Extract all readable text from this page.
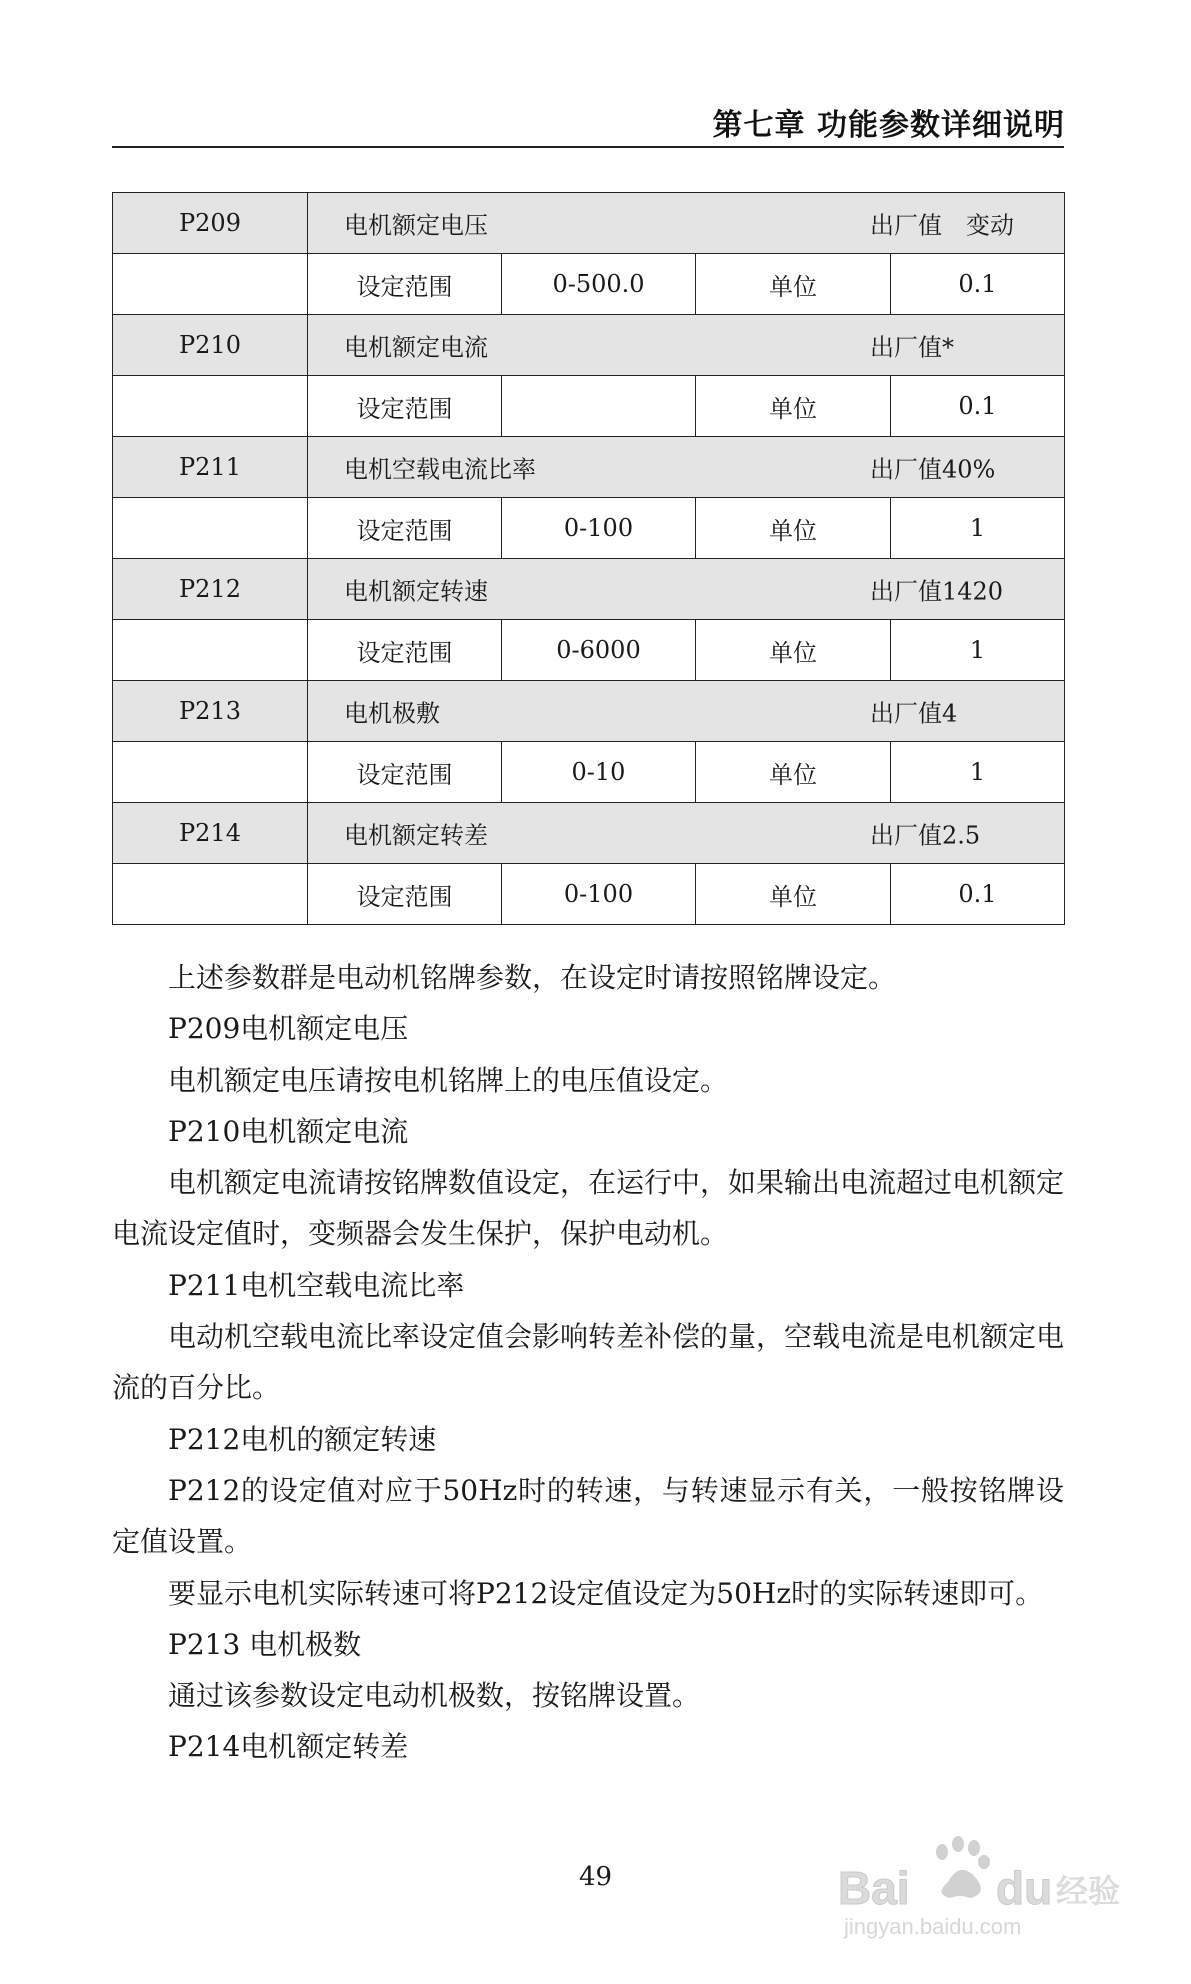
第七章 功能参数详细说明
P209	电机额定电压 出厂值　变动			

	设定范围	0-500.0	单位	0.1
P210	电机额定电流 出厂值*			

	设定范围		单位	0.1
P211	电机空载电流比率 出厂值40%			

	设定范围	0-100	单位	1
P212	电机额定转速 出厂值1420			

	设定范围	0-6000	单位	1
P213	电机极敷 出厂值4			

	设定范围	0-10	单位	1
P214	电机额定转差 出厂值2.5			

	设定范围	0-100	单位	0.1

上述参数群是电动机铭牌参数，在设定时请按照铭牌设定。

P209电机额定电压

电机额定电压请按电机铭牌上的电压值设定。

P210电机额定电流

电机额定电流请按铭牌数值设定，在运行中，如果输出电流超过电机额定电流设定值时，变频器会发生保护，保护电动机。

P211电机空载电流比率

电动机空载电流比率设定值会影响转差补偿的量，空载电流是电机额定电流的百分比。

P212电机的额定转速

P212的设定值对应于50Hz时的转速，与转速显示有关，一般按铭牌设定值设置。

要显示电机实际转速可将P212设定值设定为50Hz时的实际转速即可。

P213 电机极数

通过该参数设定电动机极数，按铭牌设置。

P214电机额定转差

49	Bai du 经验
jingyan.baidu.com
